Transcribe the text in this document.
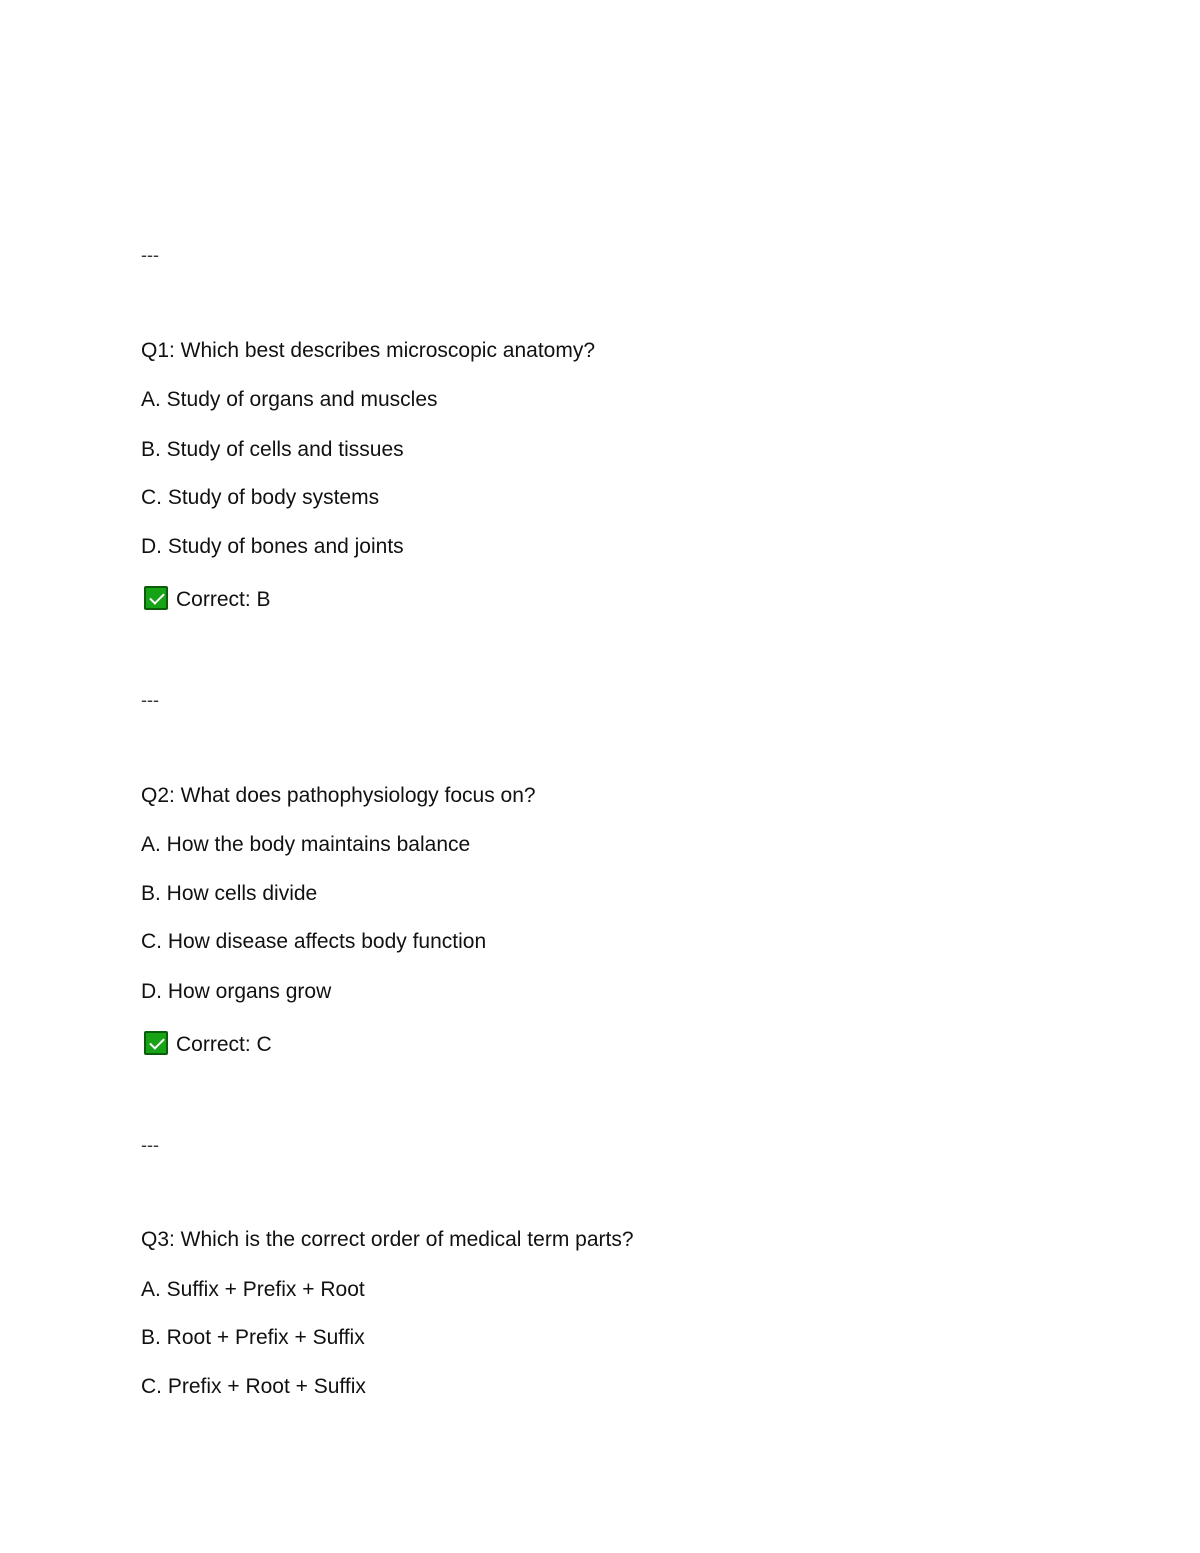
---
Q1: Which best describes microscopic anatomy?
A. Study of organs and muscles
B. Study of cells and tissues
C. Study of body systems
D. Study of bones and joints
Correct: B
---
Q2: What does pathophysiology focus on?
A. How the body maintains balance
B. How cells divide
C. How disease affects body function
D. How organs grow
Correct: C
---
Q3: Which is the correct order of medical term parts?
A. Suffix + Prefix + Root
B. Root + Prefix + Suffix
C. Prefix + Root + Suffix
